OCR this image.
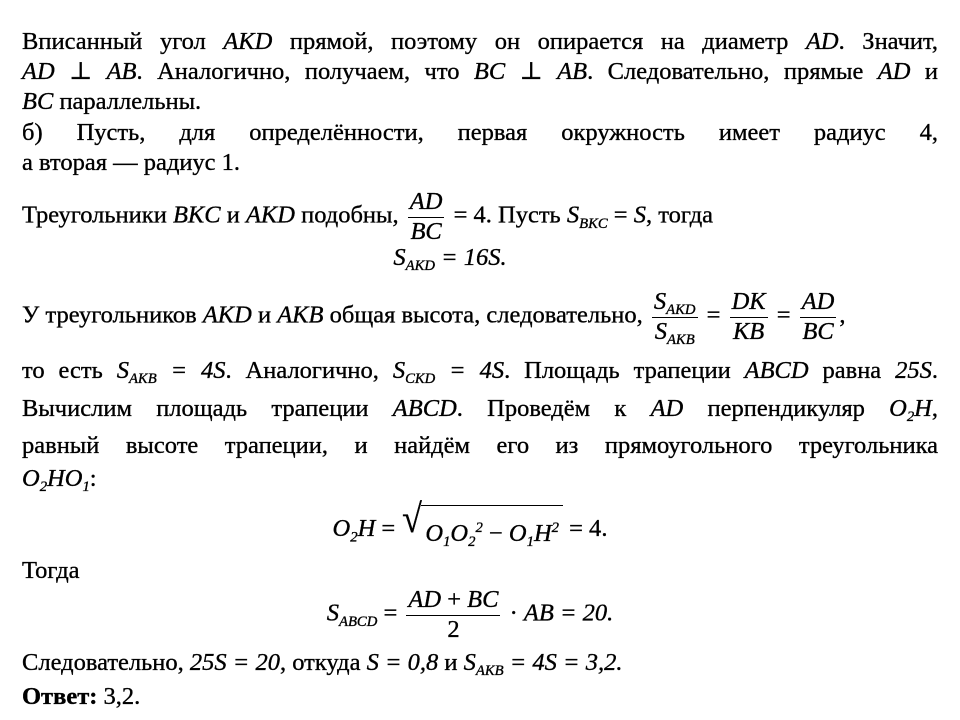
Вписанный угол AKD прямой, поэтому он опирается на диаметр AD. Значит,
AD ⊥ AB. Аналогично, получаем, что BC ⊥ AB. Следовательно, прямые AD и
BC параллельны.
б) Пусть, для определённости, первая окружность имеет радиус 4,
а вторая — радиус 1.
Треугольники BKC и AKD подобны, $\frac{AD}{BC} = 4$. Пусть $S_{BKC} = S$, тогда
$S_{AKD} = 16S$.
У треугольников AKD и AKB общая высота, следовательно, $\frac{S_{AKD}}{S_{AKB}} = \frac{DK}{KB} = \frac{AD}{BC}$ ,
то есть $S_{AKB} = 4S$. Аналогично, $S_{CKD} = 4S$. Площадь трапеции ABCD равна 25S.
Вычислим площадь трапеции ABCD. Проведём к AD перпендикуляр $O_2H$,
равный высоте трапеции, и найдём его из прямоугольного треугольника
$O_2HO_1$:
$O_2H$ = √ $O_1O_2^2 - O_1H^2 = 4$.
Тогда
$S_{ABCD} = \frac{AD + BC}{2}$ · AB = 20.
Следовательно, 25S = 20, откуда S = 0,8 и $S_{AKB} = 4S = 3,2$.
Ответ: 3,2.
